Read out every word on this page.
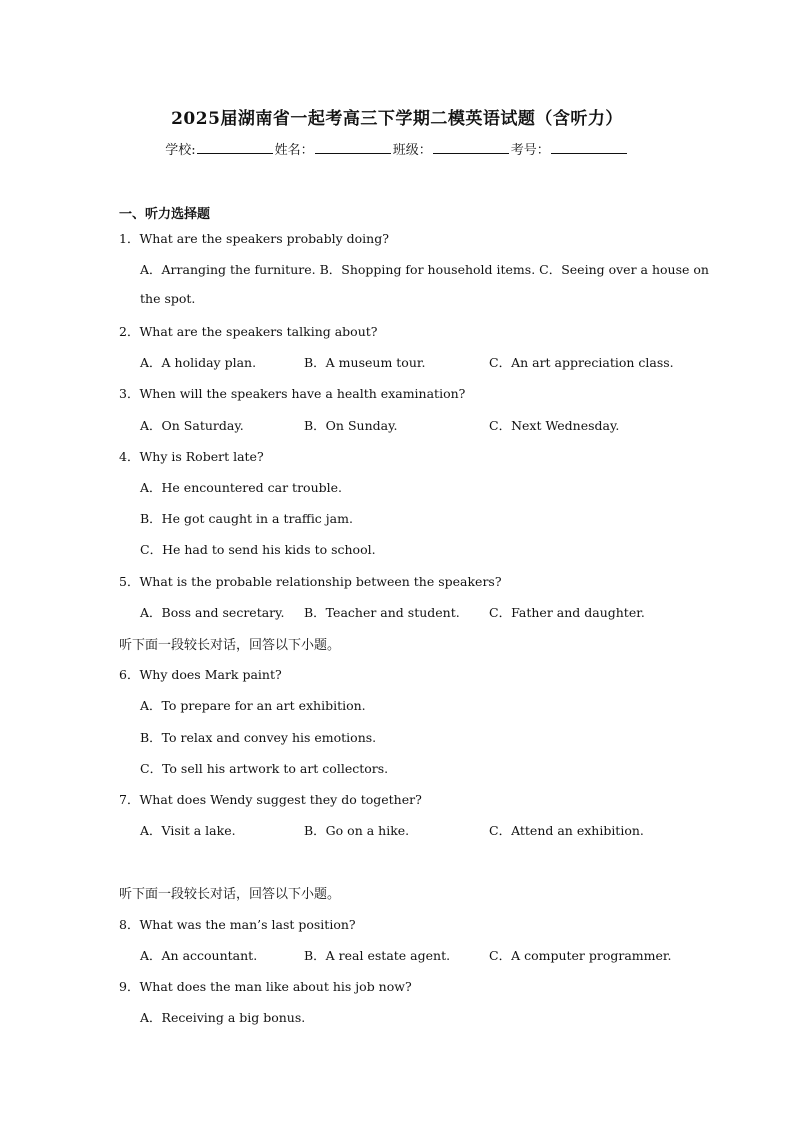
2025届湖南省一起考高三下学期二模英语试题（含听力）
学校:	姓名：	班级：	考号：
一、听力选择题
1．What are the speakers probably doing?
A．Arranging the furniture. B．Shopping for household items. C．Seeing over a house on
the spot.
2．What are the speakers talking about?
A．A holiday plan.	B．A museum tour.	C．An art appreciation class.
3．When will the speakers have a health examination?
A．On Saturday.	B．On Sunday.	C．Next Wednesday.
4．Why is Robert late?
A．He encountered car trouble.
B．He got caught in a traffic jam.
C．He had to send his kids to school.
5．What is the probable relationship between the speakers?
A．Boss and secretary. B．Teacher and student. C．Father and daughter.
听下面一段较长对话，回答以下小题。
6．Why does Mark paint?
A．To prepare for an art exhibition.
B．To relax and convey his emotions.
C．To sell his artwork to art collectors.
7．What does Wendy suggest they do together?
A．Visit a lake.	B．Go on a hike.	C．Attend an exhibition.
听下面一段较长对话，回答以下小题。
8．What was the man’s last position?
A．An accountant.	B．A real estate agent.	C．A computer programmer.
9．What does the man like about his job now?
A．Receiving a big bonus.
